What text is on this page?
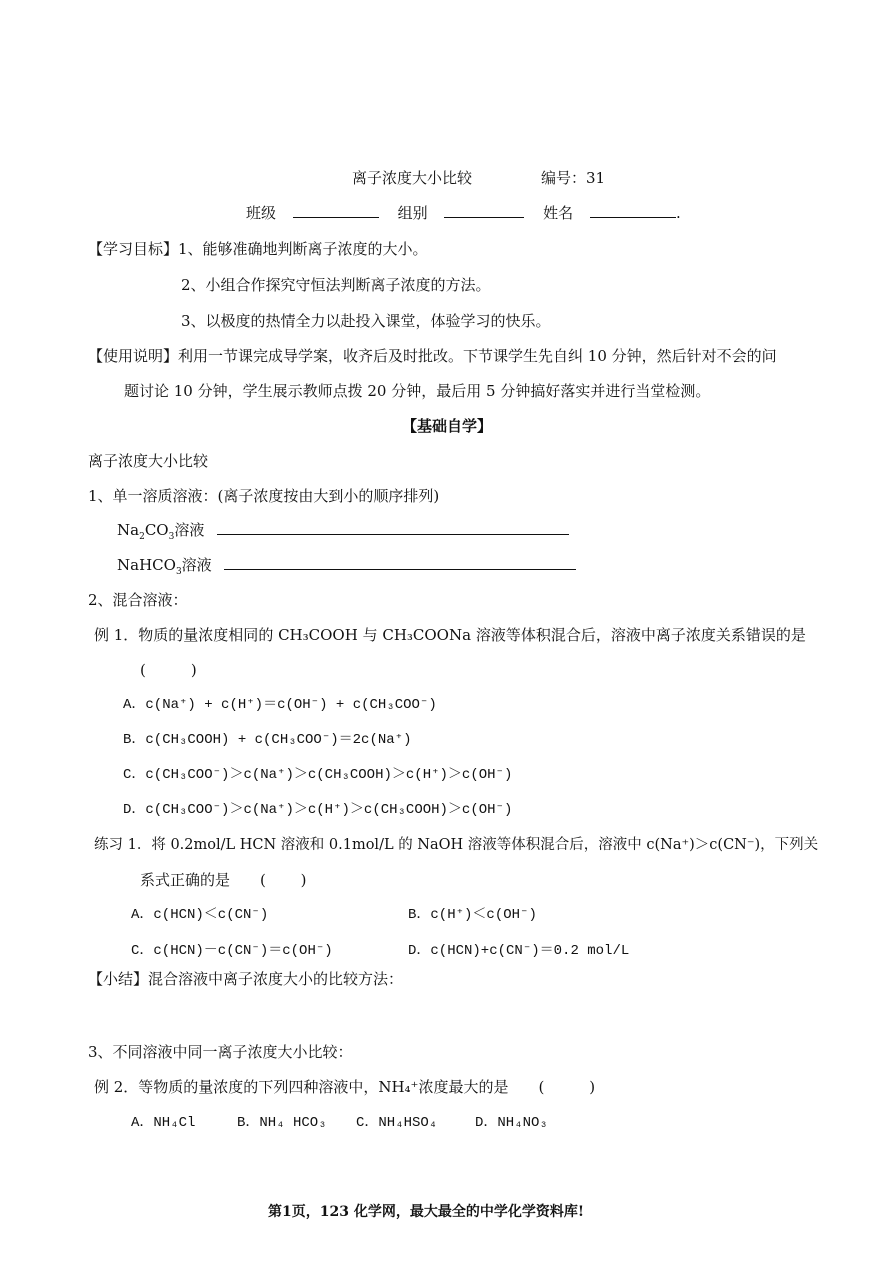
离子浓度大小比较	编号：31
班级	组别	姓名	.
【学习目标】1、能够准确地判断离子浓度的大小。
2、小组合作探究守恒法判断离子浓度的方法。
3、以极度的热情全力以赴投入课堂，体验学习的快乐。
【使用说明】利用一节课完成导学案，收齐后及时批改。下节课学生先自纠 10 分钟，然后针对不会的问
题讨论 10 分钟，学生展示教师点拨 20 分钟，最后用 5 分钟搞好落实并进行当堂检测。
【基础自学】
离子浓度大小比较
1、单一溶质溶液：(离子浓度按由大到小的顺序排列)
$Na_2CO_3$溶液
NaHCO$_3$溶液
2、混合溶液：
例 1．物质的量浓度相同的 CH₃COOH 与 CH₃COONa 溶液等体积混合后，溶液中离子浓度关系错误的是
(　　　)
A．c(Na⁺) + c(H⁺)＝c(OH⁻) + c(CH₃COO⁻)
B．c(CH₃COOH) + c(CH₃COO⁻)＝2c(Na⁺)
C．c(CH₃COO⁻)＞c(Na⁺)＞c(CH₃COOH)＞c(H⁺)＞c(OH⁻)
D．c(CH₃COO⁻)＞c(Na⁺)＞c(H⁺)＞c(CH₃COOH)＞c(OH⁻)
练习 1．将 0.2mol/L HCN 溶液和 0.1mol/L 的 NaOH 溶液等体积混合后，溶液中 c(Na⁺)＞c(CN⁻)，下列关
系式正确的是　　(　　 )
A．c(HCN)＜c(CN⁻)	B．c(H⁺)＜c(OH⁻)
C．c(HCN)－c(CN⁻)＝c(OH⁻)	D．c(HCN)+c(CN⁻)＝0.2 mol/L
【小结】混合溶液中离子浓度大小的比较方法：
3、不同溶液中同一离子浓度大小比较：
例 2．等物质的量浓度的下列四种溶液中，NH₄⁺浓度最大的是　　(　　　)
A．NH₄Cl	B．NH₄ HCO₃ C．NH₄HSO₄	D．NH₄NO₃
第1页，123 化学网，最大最全的中学化学资料库!
